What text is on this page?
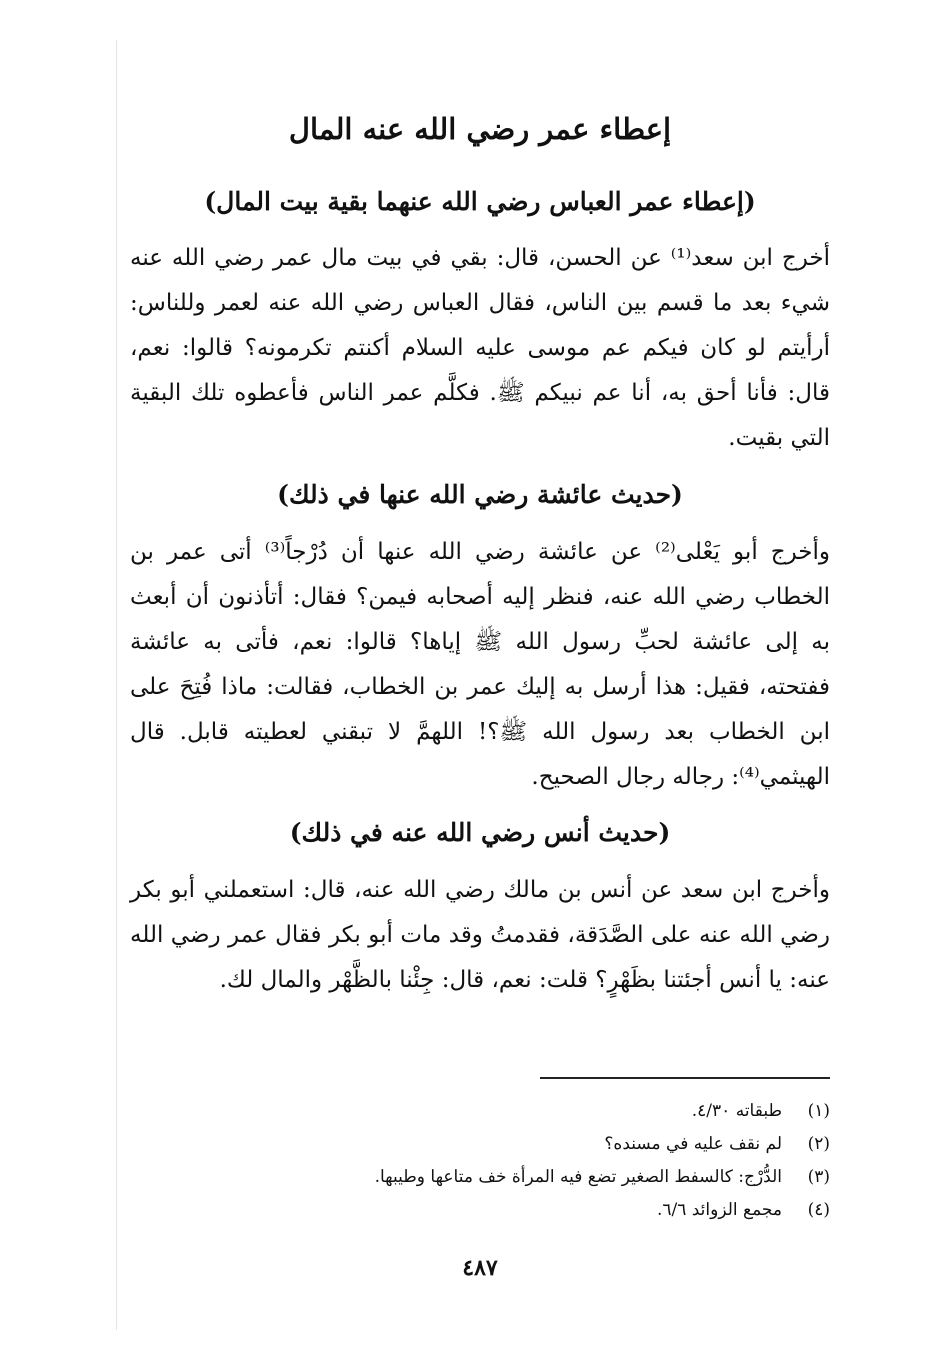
إعطاء عمر رضي الله عنه المال
(إعطاء عمر العباس رضي الله عنهما بقية بيت المال)

أخرج ابن سعد⁽¹⁾ عن الحسن، قال: بقي في بيت مال عمر رضي الله عنه شيء بعد ما قسم بين الناس، فقال العباس رضي الله عنه لعمر وللناس: أرأيتم لو كان فيكم عم موسى عليه السلام أكنتم تكرمونه؟ قالوا: نعم، قال: فأنا أحق به، أنا عم نبيكم ﷺ. فكلَّم عمر الناس فأعطوه تلك البقية التي بقيت.

(حديث عائشة رضي الله عنها في ذلك)

وأخرج أبو يَعْلى⁽²⁾ عن عائشة رضي الله عنها أن دُرْجاً⁽³⁾ أتى عمر بن الخطاب رضي الله عنه، فنظر إليه أصحابه فيمن؟ فقال: أتأذنون أن أبعث به إلى عائشة لحبِّ رسول الله ﷺ إياها؟ قالوا: نعم، فأتى به عائشة ففتحته، فقيل: هذا أرسل به إليك عمر بن الخطاب، فقالت: ماذا فُتِحَ على ابن الخطاب بعد رسول الله ﷺ؟! اللهمَّ لا تبقني لعطيته قابل. قال الهيثمي⁽⁴⁾: رجاله رجال الصحيح.

(حديث أنس رضي الله عنه في ذلك)

وأخرج ابن سعد عن أنس بن مالك رضي الله عنه، قال: استعملني أبو بكر رضي الله عنه على الصَّدَقة، فقدمتُ وقد مات أبو بكر فقال عمر رضي الله عنه: يا أنس أجئتنا بظَهْرٍ؟ قلت: نعم، قال: جِئْنا بالظَّهْر والمال لك.

(١)طبقاته ٤/٣٠.
(٢)لم نقف عليه في مسنده؟
(٣)الدُّرْج: كالسفط الصغير تضع فيه المرأة خف متاعها وطيبها.
(٤)مجمع الزوائد ٦/٦.
٤٨٧
